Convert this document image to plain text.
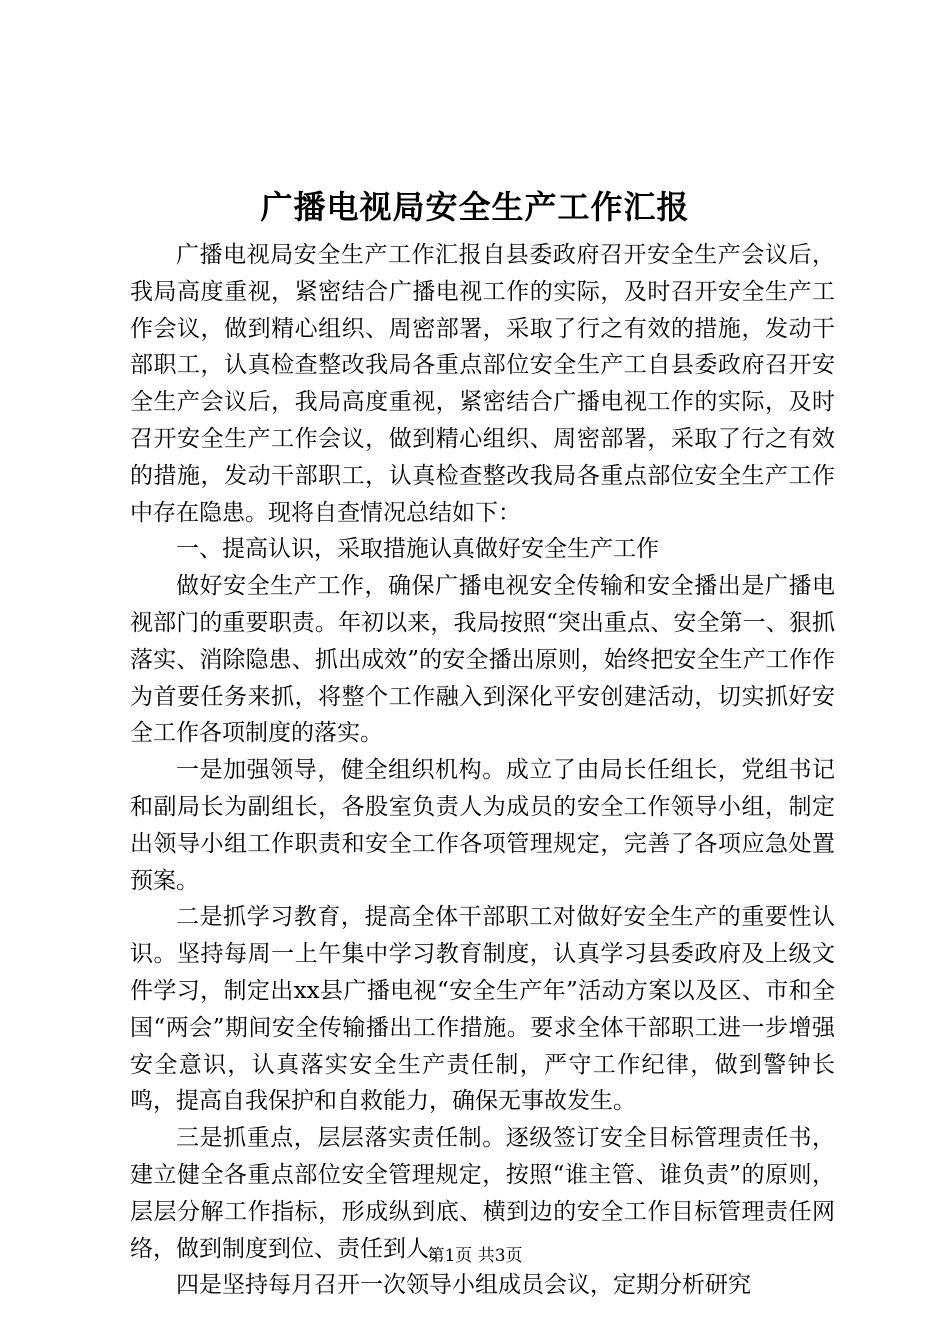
广播电视局安全生产工作汇报

广播电视局安全生产工作汇报自县委政府召开安全生产会议后，我局高度重视，紧密结合广播电视工作的实际，及时召开安全生产工作会议，做到精心组织、周密部署，采取了行之有效的措施，发动干部职工，认真检查整改我局各重点部位安全生产工自县委政府召开安全生产会议后，我局高度重视，紧密结合广播电视工作的实际，及时召开安全生产工作会议，做到精心组织、周密部署，采取了行之有效的措施，发动干部职工，认真检查整改我局各重点部位安全生产工作中存在隐患。现将自查情况总结如下：

一、提高认识，采取措施认真做好安全生产工作

做好安全生产工作，确保广播电视安全传输和安全播出是广播电视部门的重要职责。年初以来，我局按照“突出重点、安全第一、狠抓落实、消除隐患、抓出成效”的安全播出原则，始终把安全生产工作作为首要任务来抓，将整个工作融入到深化平安创建活动，切实抓好安全工作各项制度的落实。

一是加强领导，健全组织机构。成立了由局长任组长，党组书记和副局长为副组长，各股室负责人为成员的安全工作领导小组，制定出领导小组工作职责和安全工作各项管理规定，完善了各项应急处置预案。

二是抓学习教育，提高全体干部职工对做好安全生产的重要性认识。坚持每周一上午集中学习教育制度，认真学习县委政府及上级文件学习，制定出xx县广播电视“安全生产年”活动方案以及区、市和全国“两会”期间安全传输播出工作措施。要求全体干部职工进一步增强安全意识，认真落实安全生产责任制，严守工作纪律，做到警钟长鸣，提高自我保护和自救能力，确保无事故发生。

三是抓重点，层层落实责任制。逐级签订安全目标管理责任书，建立健全各重点部位安全管理规定，按照“谁主管、谁负责”的原则，层层分解工作指标，形成纵到底、横到边的安全工作目标管理责任网络，做到制度到位、责任到人。

四是坚持每月召开一次领导小组成员会议，定期分析研究

第1页 共3页
